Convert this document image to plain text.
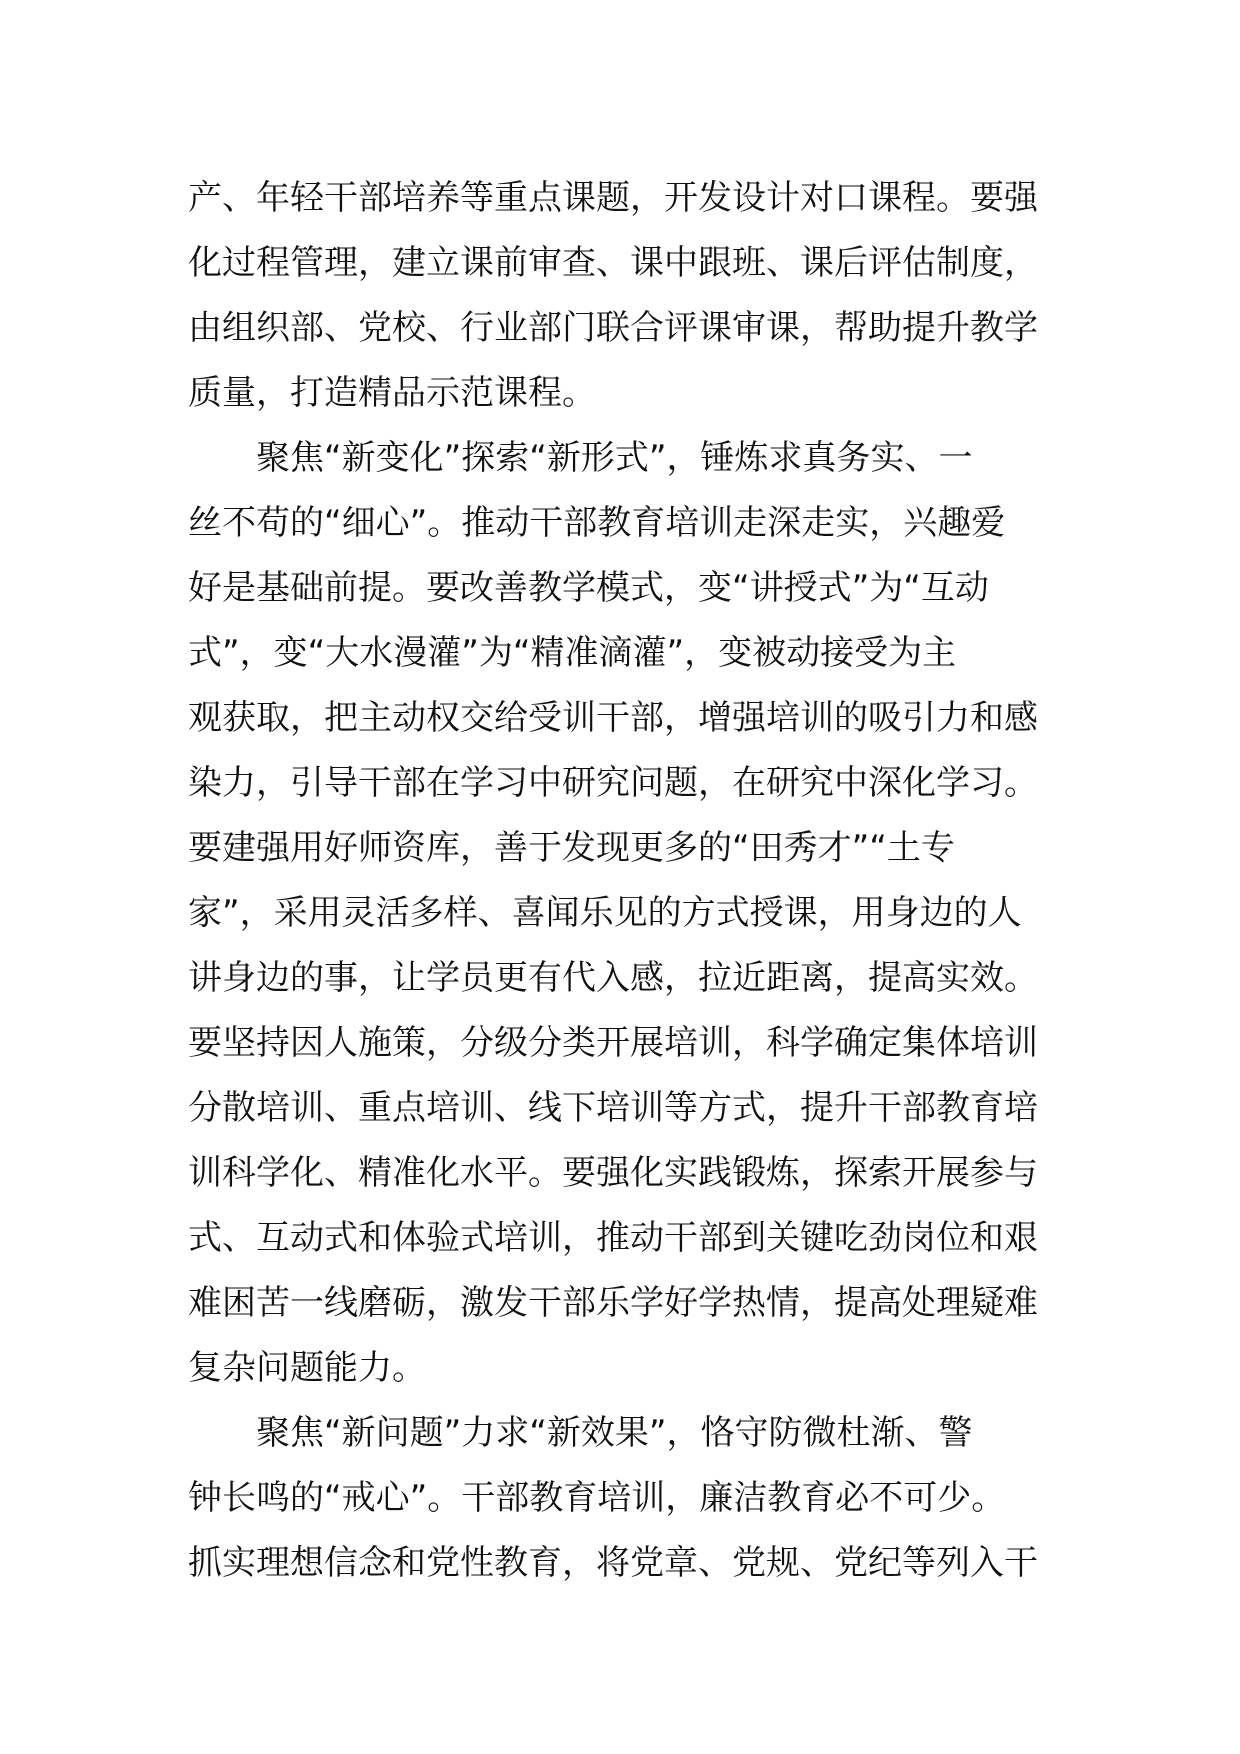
产、年轻干部培养等重点课题，开发设计对口课程。要强
化过程管理，建立课前审查、课中跟班、课后评估制度，
由组织部、党校、行业部门联合评课审课，帮助提升教学
质量，打造精品示范课程。
聚焦“新变化”探索“新形式”，锤炼求真务实、一
丝不苟的“细心”。推动干部教育培训走深走实，兴趣爱
好是基础前提。要改善教学模式，变“讲授式”为“互动
式”，变“大水漫灌”为“精准滴灌”，变被动接受为主
观获取，把主动权交给受训干部，增强培训的吸引力和感
染力，引导干部在学习中研究问题，在研究中深化学习。
要建强用好师资库，善于发现更多的“田秀才”“土专
家”，采用灵活多样、喜闻乐见的方式授课，用身边的人
讲身边的事，让学员更有代入感，拉近距离，提高实效。
要坚持因人施策，分级分类开展培训，科学确定集体培训
分散培训、重点培训、线下培训等方式，提升干部教育培
训科学化、精准化水平。要强化实践锻炼，探索开展参与
式、互动式和体验式培训，推动干部到关键吃劲岗位和艰
难困苦一线磨砺，激发干部乐学好学热情，提高处理疑难
复杂问题能力。
聚焦“新问题”力求“新效果”，恪守防微杜渐、警
钟长鸣的“戒心”。干部教育培训，廉洁教育必不可少。
抓实理想信念和党性教育，将党章、党规、党纪等列入干
